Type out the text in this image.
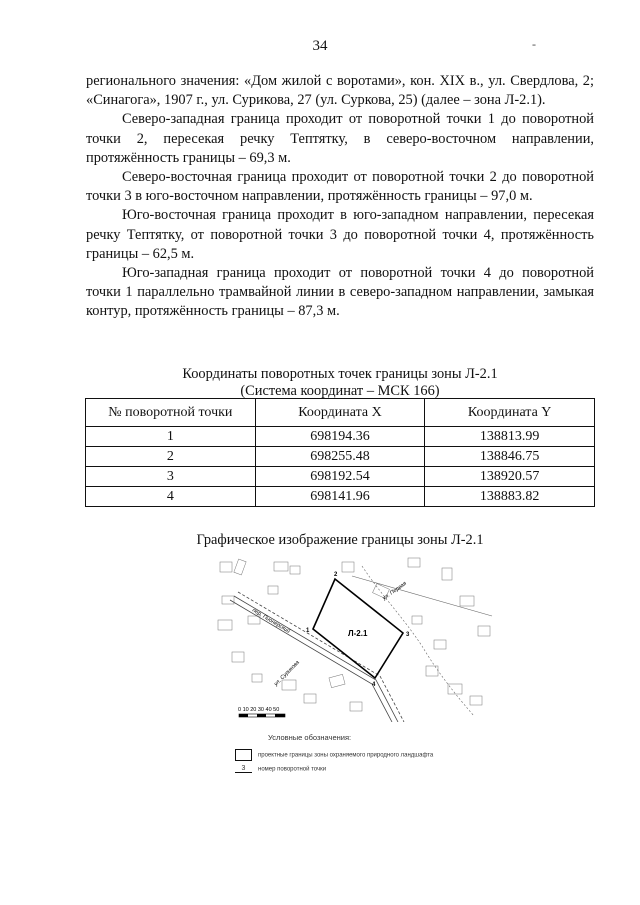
34	-

регионального значения: «Дом жилой с воротами», кон. XIX в., ул. Свердлова, 2; «Синагога», 1907 г., ул. Сурикова, 27 (ул. Суркова, 25) (далее – зона Л-2.1).

Северо-западная граница проходит от поворотной точки 1 до поворотной точки 2, пересекая речку Тептятку, в северо-восточном направлении, протяжённость границы – 69,3 м.

Северо-восточная граница проходит от поворотной точки 2 до поворотной точки 3 в юго-восточном направлении, протяжённость границы – 97,0 м.

Юго-восточная граница проходит в юго-западном направлении, пересекая речку Тептятку, от поворотной точки 3 до поворотной точки 4, протяжённость границы – 62,5 м.

Юго-западная граница проходит от поворотной точки 4 до поворотной точки 1 параллельно трамвайной линии в северо-западном направлении, замыкая контур, протяжённость границы – 87,3 м.

Координаты поворотных точек границы зоны Л-2.1
(Система координат – МСК 166)
№ поворотной точки	Координата X	Координата Y
1	698194.36	138813.99
2	698255.48	138846.75
3	698192.54	138920.57
4	698141.96	138883.82
Графическое изображение границы зоны Л-2.1
Л-2.1
1
2
3
4
пер. Пионерский
ул. Сурикова
ул. Первая
0 10 20 30 40 50
Условные обозначения:
проектные границы зоны охраняемого природного ландшафта
3 номер поворотной точки
